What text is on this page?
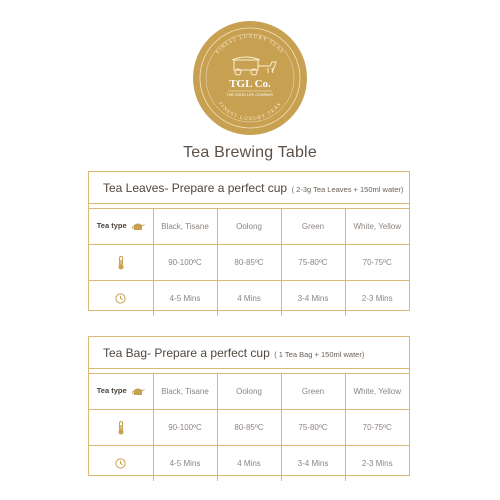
FINEST LUXURY TEAS
FINEST LUXURY TEAS
TGL Co.
THE GOOD LIFE COMPANY
Tea Brewing Table
Tea Leaves- Prepare a perfect cup ( 2-3g Tea Leaves + 150ml water)
Tea type	Black, Tisane	Oolong	Green	White, Yellow
	90-100ºC	80-85ºC	75-80ºC	70-75ºC
	4-5 Mins	4 Mins	3-4 Mins	2-3 Mins
Tea Bag- Prepare a perfect cup ( 1 Tea Bag + 150ml water)
Tea type	Black, Tisane	Oolong	Green	White, Yellow
	90-100ºC	80-85ºC	75-80ºC	70-75ºC
	4-5 Mins	4 Mins	3-4 Mins	2-3 Mins
